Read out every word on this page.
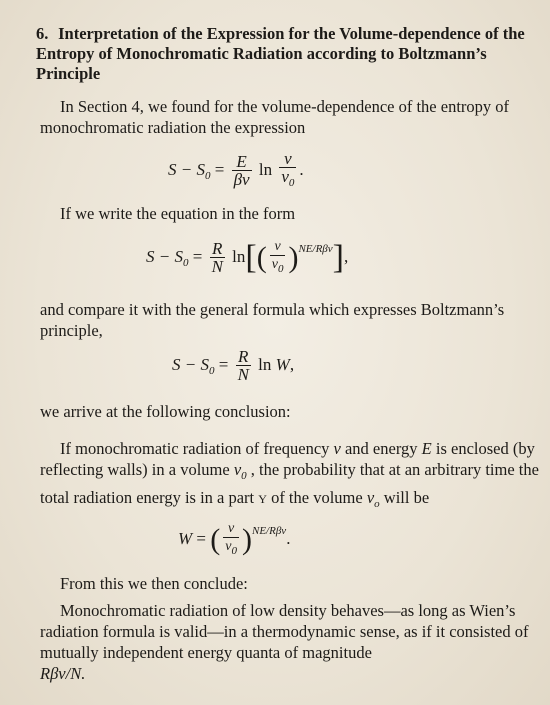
6. Interpretation of the Expression for the Volume-dependence of the Entropy of Monochromatic Radiation according to Boltzmann’s Principle
In Section 4, we found for the volume-dependence of the entropy of monochromatic radiation the expression
$S - S_0 = \frac{E}{\beta\nu}$ $\ln \frac{v}{v_0}$ .
If we write the equation in the form
$S - S_0 = \frac{R}{N} \ln[( \frac{v}{v_0} )^{NE/R\beta\nu}]$,
and compare it with the general formula which expresses Boltzmann’s principle,
$S - S_0 = \frac{R}{N}$ ln W,
we arrive at the following conclusion:
If monochromatic radiation of frequency ν and energy E is enclosed (by reflecting walls) in a volume $v_0$ , the probability that at an arbitrary time the total radiation energy is in a part Y of the volume $v_o$ will be
W = ( $\frac{v}{v_0} )^{NE/R\beta\nu}$.
From this we then conclude:
Monochromatic radiation of low density behaves—as long as Wien’s radiation formula is valid—in a thermodynamic sense, as if it consisted of mutually independent energy quanta of magnitude
Rβν/N.
